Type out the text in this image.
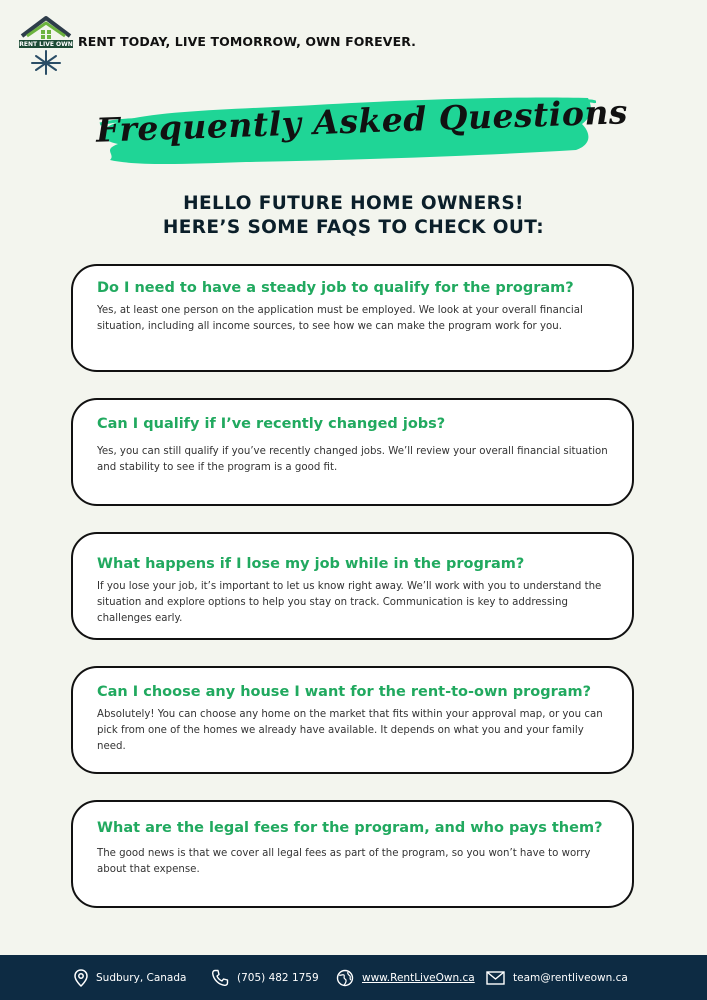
RENT LIVE OWN RENT TODAY, LIVE TOMORROW, OWN FOREVER.
Frequently Asked Questions
HELLO FUTURE HOME OWNERS!
HERE’S SOME FAQS TO CHECK OUT:
Do I need to have a steady job to qualify for the program?
Yes, at least one person on the application must be employed. We look at your overall financial situation, including all income sources, to see how we can make the program work for you.
Can I qualify if I’ve recently changed jobs?
Yes, you can still qualify if you’ve recently changed jobs. We’ll review your overall financial situation and stability to see if the program is a good fit.
What happens if I lose my job while in the program?
If you lose your job, it’s important to let us know right away. We’ll work with you to understand the situation and explore options to help you stay on track. Communication is key to addressing challenges early.
Can I choose any house I want for the rent-to-own program?
Absolutely! You can choose any home on the market that fits within your approval map, or you can pick from one of the homes we already have available. It depends on what you and your family need.
What are the legal fees for the program, and who pays them?
The good news is that we cover all legal fees as part of the program, so you won’t have to worry about that expense.
Sudbury, Canada	(705) 482 1759	www.RentLiveOwn.ca	team@rentliveown.ca
